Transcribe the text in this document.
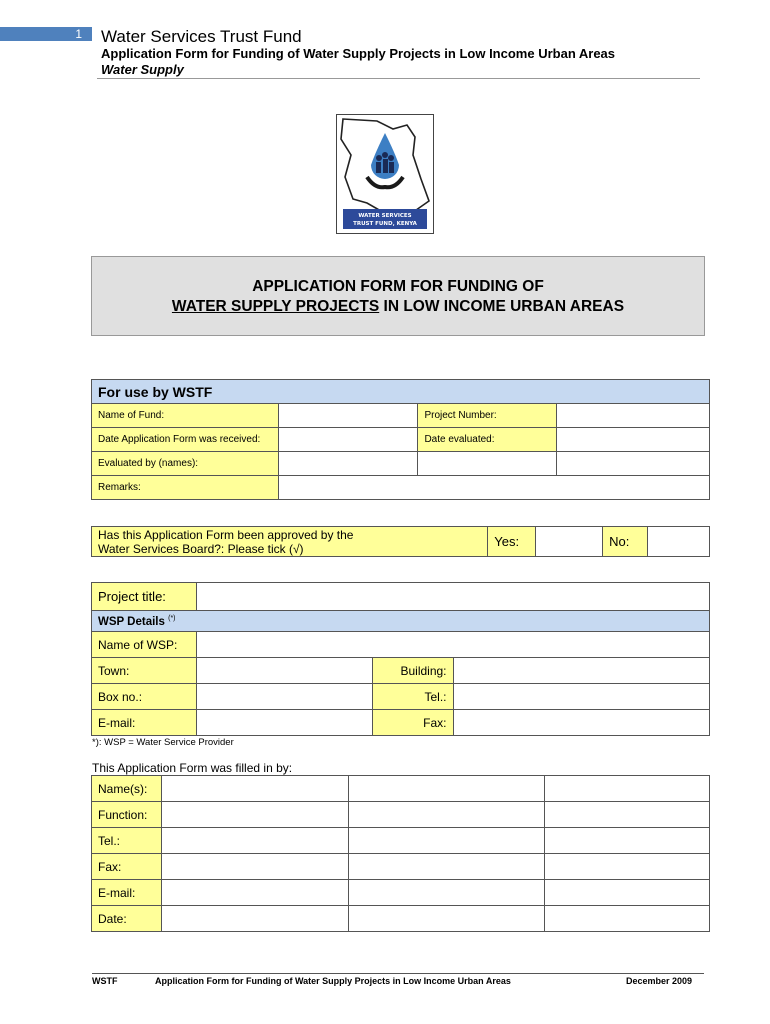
1	Water Services Trust Fund
Application Form for Funding of Water Supply Projects in Low Income Urban Areas
Water Supply
WATER SERVICES
TRUST FUND, KENYA
APPLICATION FORM FOR FUNDING OF
WATER SUPPLY PROJECTS IN LOW INCOME URBAN AREAS
For use by WSTF			
Name of Fund:		Project Number:	
Date Application Form was received:		Date evaluated:	
Evaluated by (names):			
Remarks:			
Has this Application Form been approved by the
Water Services Board?: Please tick (√)	Yes:		No:	
Project title:			
WSP Details (*)
Name of WSP:			
Town:		Building:	
Box no.:		Tel.:	
E-mail:		Fax:	
*): WSP = Water Service Provider
This Application Form was filled in by:
Name(s):			
Function:			
Tel.:			
Fax:			
E-mail:			
Date:			
WSTF	Application Form for Funding of Water Supply Projects in Low Income Urban Areas	December 2009
